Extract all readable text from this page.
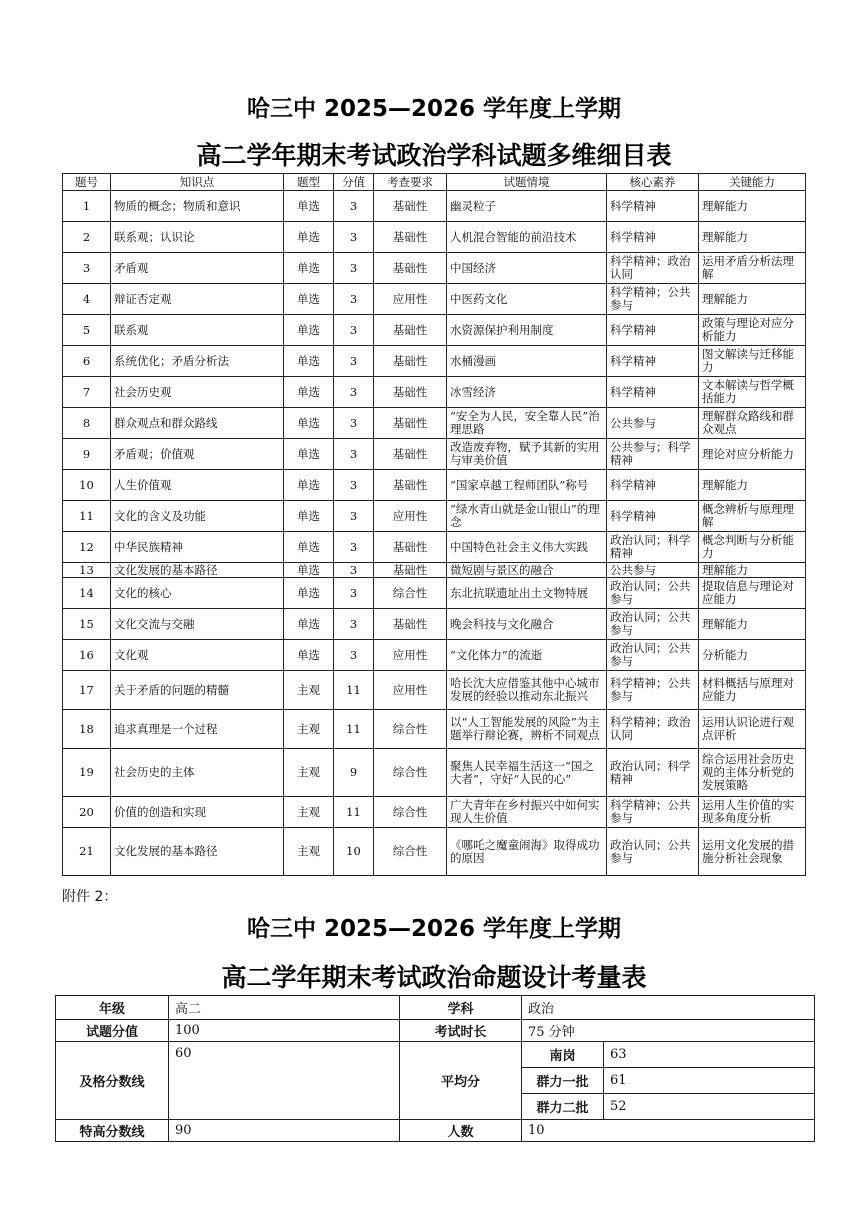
哈三中 2025—2026 学年度上学期
高二学年期末考试政治学科试题多维细目表
题号	知识点	题型	分值	考查要求	试题情境	核心素养	关键能力
1	物质的概念；物质和意识	单选	3	基础性	幽灵粒子	科学精神	理解能力
2	联系观；认识论	单选	3	基础性	人机混合智能的前沿技术	科学精神	理解能力
3	矛盾观	单选	3	基础性	中国经济	科学精神；政治认同	运用矛盾分析法理解
4	辩证否定观	单选	3	应用性	中医药文化	科学精神；公共参与	理解能力
5	联系观	单选	3	基础性	水资源保护利用制度	科学精神	政策与理论对应分析能力
6	系统优化；矛盾分析法	单选	3	基础性	水桶漫画	科学精神	图文解读与迁移能力
7	社会历史观	单选	3	基础性	冰雪经济	科学精神	文本解读与哲学概括能力
8	群众观点和群众路线	单选	3	基础性	“安全为人民，安全靠人民”治理思路	公共参与	理解群众路线和群众观点
9	矛盾观；价值观	单选	3	基础性	改造废弃物，赋予其新的实用与审美价值	公共参与；科学精神	理论对应分析能力
10	人生价值观	单选	3	基础性	“国家卓越工程师团队”称号	科学精神	理解能力
11	文化的含义及功能	单选	3	应用性	“绿水青山就是金山银山”的理念	科学精神	概念辨析与原理理解
12	中华民族精神	单选	3	基础性	中国特色社会主义伟大实践	政治认同；科学精神	概念判断与分析能力
13	文化发展的基本路径	单选	3	基础性	微短剧与景区的融合	公共参与	理解能力
14	文化的核心	单选	3	综合性	东北抗联遗址出土文物特展	政治认同；公共参与	提取信息与理论对应能力
15	文化交流与交融	单选	3	基础性	晚会科技与文化融合	政治认同；公共参与	理解能力
16	文化观	单选	3	应用性	“文化体力”的流逝	政治认同；公共参与	分析能力
17	关于矛盾的问题的精髓	主观	11	应用性	哈长沈大应借鉴其他中心城市发展的经验以推动东北振兴	科学精神；公共参与	材料概括与原理对应能力
18	追求真理是一个过程	主观	11	综合性	以“人工智能发展的风险”为主题举行辩论赛，辨析不同观点	科学精神；政治认同	运用认识论进行观点评析
19	社会历史的主体	主观	9	综合性	聚焦人民幸福生活这一“国之大者”，守好“人民的心”	政治认同；科学精神	综合运用社会历史观的主体分析党的发展策略
20	价值的创造和实现	主观	11	综合性	广大青年在乡村振兴中如何实现人生价值	科学精神；公共参与	运用人生价值的实现多角度分析
21	文化发展的基本路径	主观	10	综合性	《哪吒之魔童闹海》取得成功的原因	政治认同；公共参与	运用文化发展的措施分析社会现象
附件 2：
哈三中 2025—2026 学年度上学期
高二学年期末考试政治命题设计考量表
年级	高二	学科	政治	
试题分值	100	考试时长	75 分钟	
及格分数线	60	平均分	南岗	63
			群力一批	61
			群力二批	52
特高分数线	90	人数	10	
